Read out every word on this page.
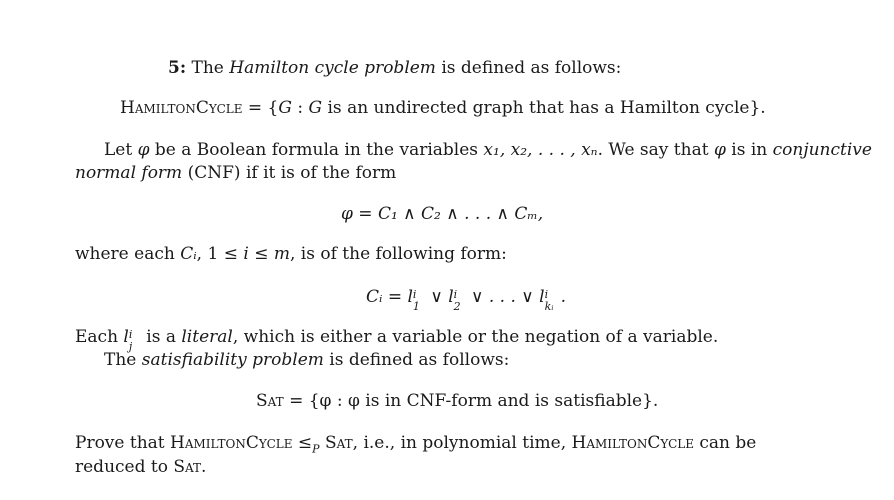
5: The Hamilton cycle problem is defined as follows:
HamiltonCycle = {G : G is an undirected graph that has a Hamilton cycle}.
Let φ be a Boolean formula in the variables x₁, x₂, . . . , xₙ. We say that φ is in conjunctive
normal form (CNF) if it is of the form
φ = C₁ ∧ C₂ ∧ . . . ∧ Cₘ,
where each Cᵢ, 1 ≤ i ≤ m, is of the following form:
Cᵢ = l i
1 ∨ l i
2 ∨ . . . ∨ l i
kᵢ .
Each l i
j is a literal, which is either a variable or the negation of a variable.
The satisfiability problem is defined as follows:
Sat = {φ : φ is in CNF-form and is satisfiable}.
Prove that HamiltonCycle $\le_P$ Sat, i.e., in polynomial time, HamiltonCycle can be
reduced to Sat.
